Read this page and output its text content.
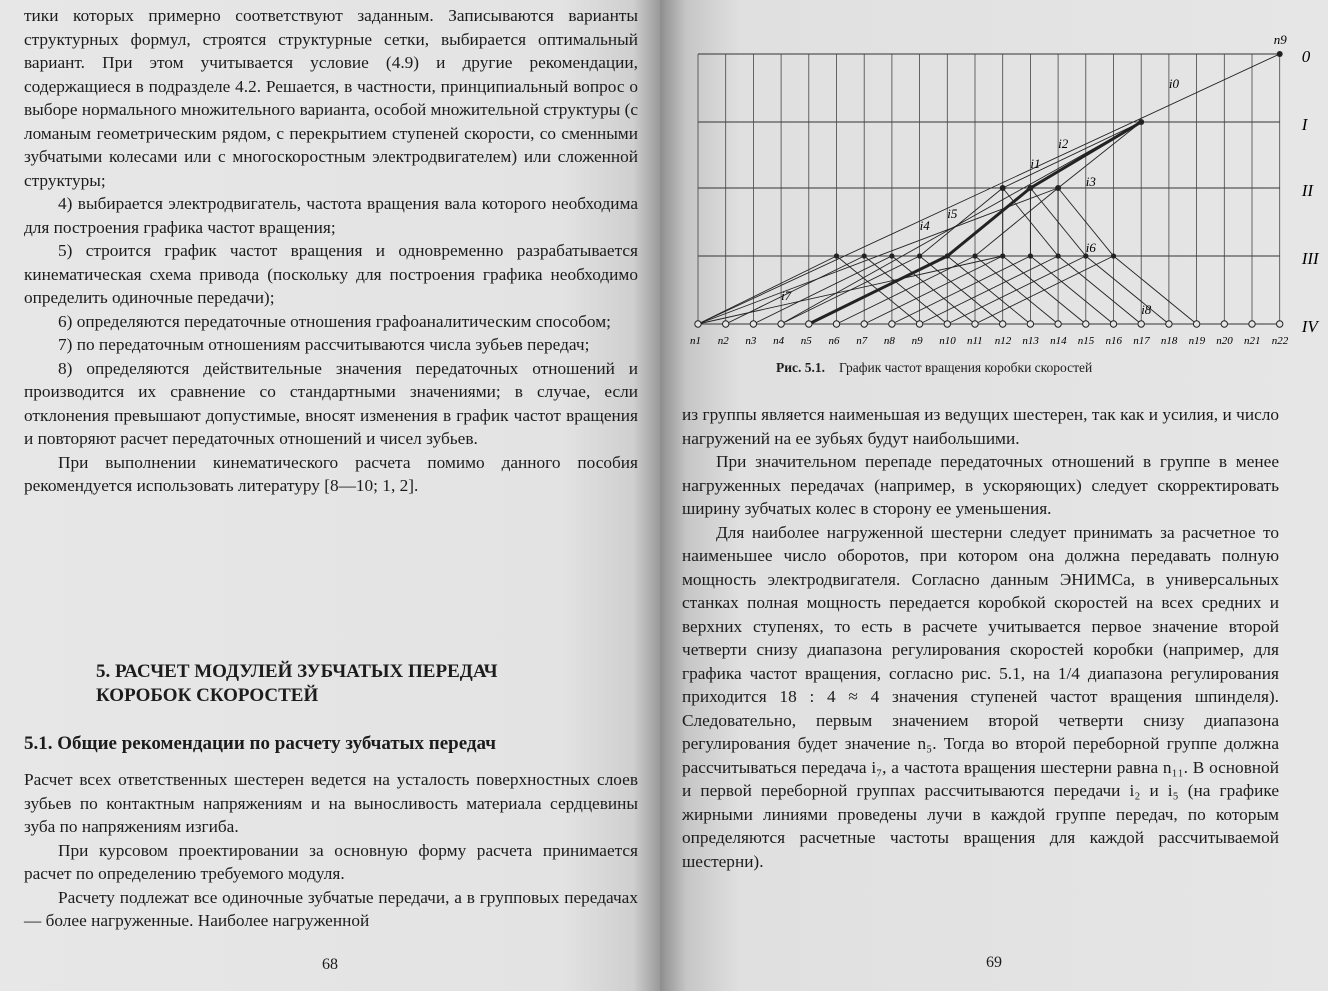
тики которых примерно соответствуют заданным. Записываются варианты структурных формул, строятся структурные сетки, выбирается оптимальный вариант. При этом учитывается условие (4.9) и другие рекомендации, содержащиеся в подразделе 4.2. Решается, в частности, принципиальный вопрос о выборе нормального множительного варианта, особой множительной структуры (с ломаным геометрическим рядом, с перекрытием ступеней скорости, со сменными зубчатыми колесами или с многоскоростным электродвигателем) или сложенной структуры;

4) выбирается электродвигатель, частота вращения вала которого необходима для построения графика частот вращения;

5) строится график частот вращения и одновременно разрабатывается кинематическая схема привода (поскольку для построения графика необходимо определить одиночные передачи);

6) определяются передаточные отношения графоаналитическим способом;

7) по передаточным отношениям рассчитываются числа зубьев передач;

8) определяются действительные значения передаточных отношений и производится их сравнение со стандартными значениями; в случае, если отклонения превышают допустимые, вносят изменения в график частот вращения и повторяют расчет передаточных отношений и чисел зубьев.

При выполнении кинематического расчета помимо данного пособия рекомендуется использовать литературу [8—10; 1, 2].

5. РАСЧЕТ МОДУЛЕЙ ЗУБЧАТЫХ ПЕРЕДАЧ
КОРОБОК СКОРОСТЕЙ
5.1. Общие рекомендации по расчету зубчатых передач

Расчет всех ответственных шестерен ведется на усталость поверхностных слоев зубьев по контактным напряжениям и на выносливость материала сердцевины зуба по напряжениям изгиба.

При курсовом проектировании за основную форму расчета принимается расчет по определению требуемого модуля.

Расчету подлежат все одиночные зубчатые передачи, а в групповых передачах — более нагруженные. Наиболее нагруженной

68
n1 n2 n3 n4 n5 n6 n7 n8 n9 n10 n11 n12 n13 n14 n15 n16 n17 n18 n19 n20 n21 n22
0
I
II
III
IV
n9
i0
i1
i2
i3
i4
i5
i6
i7
i8
Рис. 5.1. График частот вращения коробки скоростей

из группы является наименьшая из ведущих шестерен, так как и усилия, и число нагружений на ее зубьях будут наибольшими.

При значительном перепаде передаточных отношений в группе в менее нагруженных передачах (например, в ускоряющих) следует скорректировать ширину зубчатых колес в сторону ее уменьшения.

Для наиболее нагруженной шестерни следует принимать за расчетное то наименьшее число оборотов, при котором она должна передавать полную мощность электродвигателя. Согласно данным ЭНИМСа, в универсальных станках полная мощность передается коробкой скоростей на всех средних и верхних ступенях, то есть в расчете учитывается первое значение второй четверти снизу диапазона регулирования скоростей коробки (например, для графика частот вращения, согласно рис. 5.1, на 1/4 диапазона регулирования приходится 18 : 4 ≈ 4 значения ступеней частот вращения шпинделя). Следовательно, первым значением второй четверти снизу диапазона регулирования будет значение n₅. Тогда во второй переборной группе должна рассчитываться передача i₇, а частота вращения шестерни равна n₁₁. В основной и первой переборной группах рассчитываются передачи i₂ и i₅ (на графике жирными линиями проведены лучи в каждой группе передач, по которым определяются расчетные частоты вращения для каждой рассчитываемой шестерни).

69
